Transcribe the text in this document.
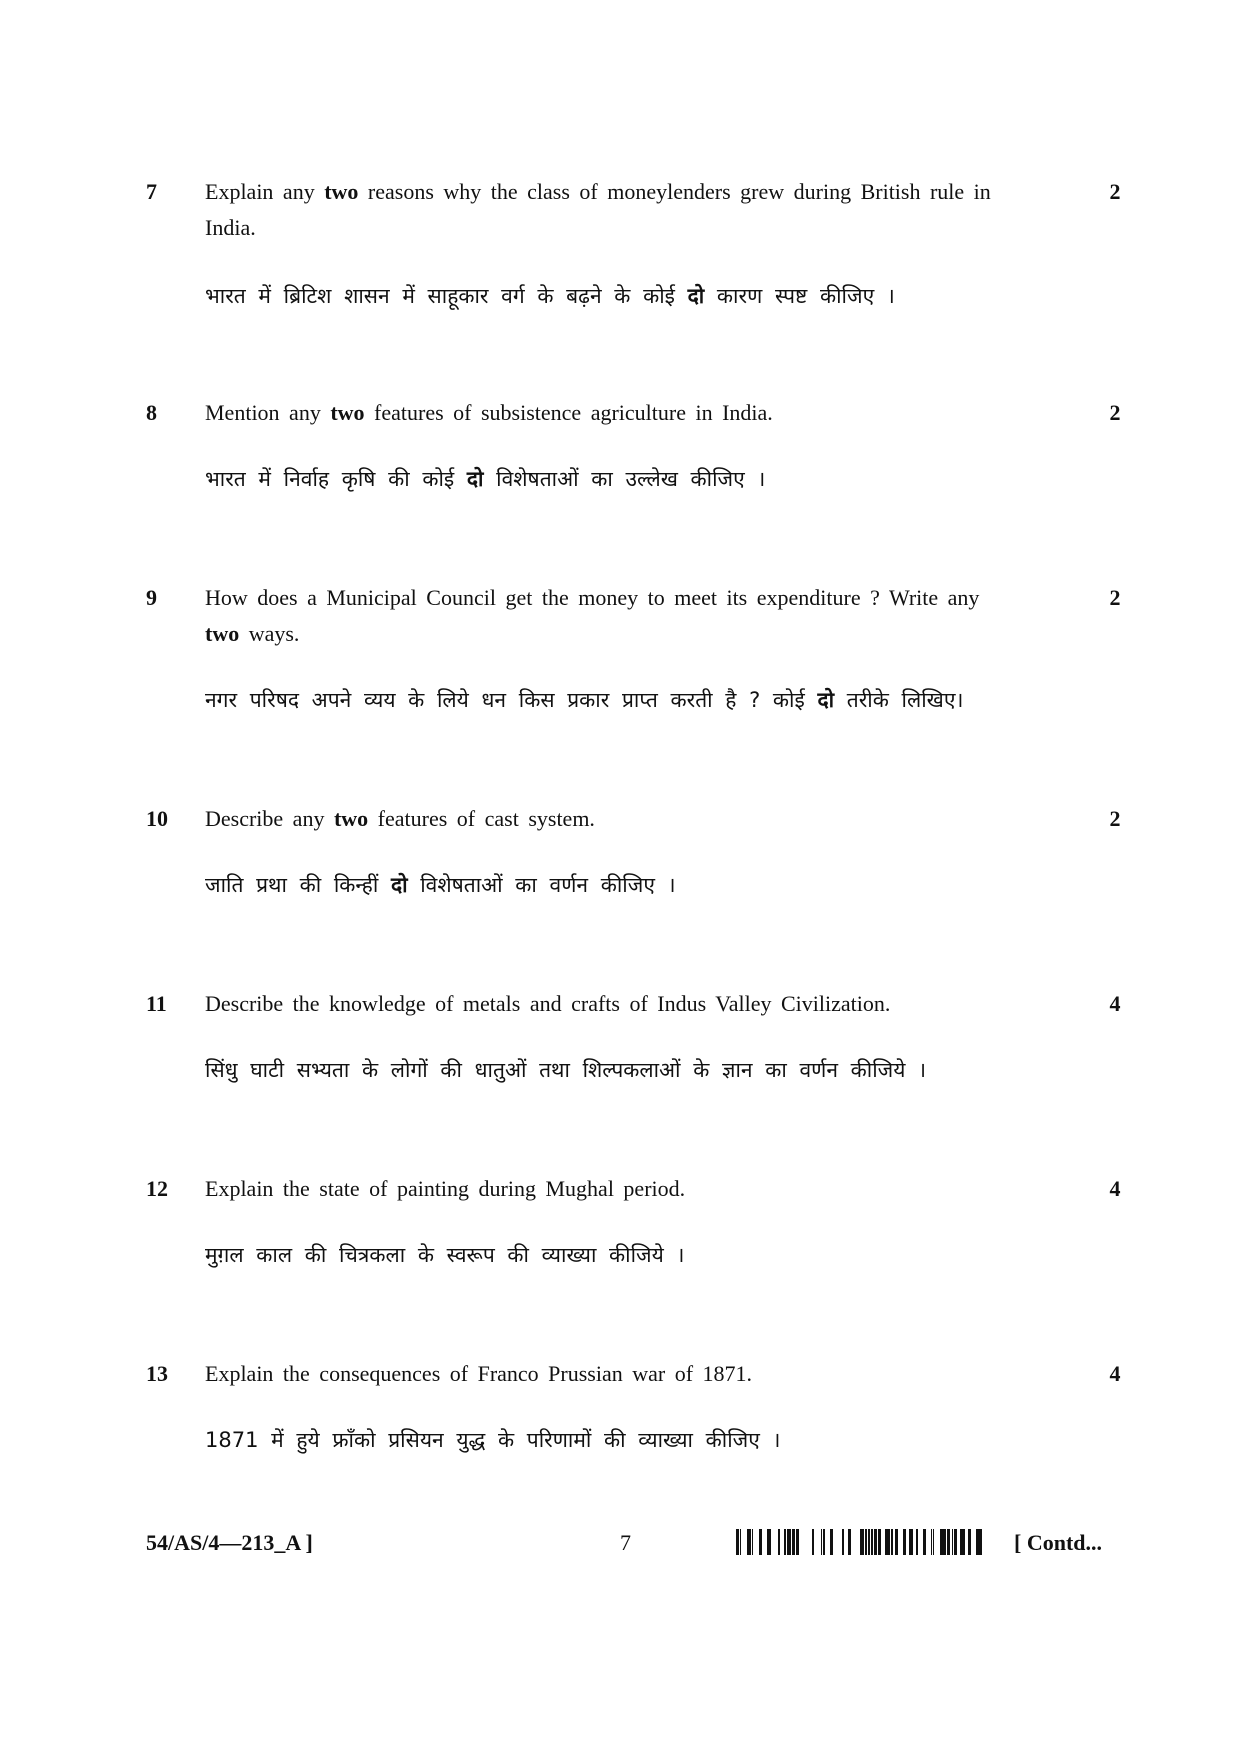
7 Explain any two reasons why the class of moneylenders grew during British rule in India.
2
भारत में ब्रिटिश शासन में साहूकार वर्ग के बढ़ने के कोई दो कारण स्पष्ट कीजिए ।
8 Mention any two features of subsistence agriculture in India.	2
भारत में निर्वाह कृषि की कोई दो विशेषताओं का उल्लेख कीजिए ।
9 How does a Municipal Council get the money to meet its expenditure ? Write any two ways.
2
नगर परिषद अपने व्यय के लिये धन किस प्रकार प्राप्त करती है ? कोई दो तरीके लिखिए।
10 Describe any two features of cast system.	2
जाति प्रथा की किन्हीं दो विशेषताओं का वर्णन कीजिए ।
11 Describe the knowledge of metals and crafts of Indus Valley Civilization.	4
सिंधु घाटी सभ्यता के लोगों की धातुओं तथा शिल्पकलाओं के ज्ञान का वर्णन कीजिये ।
12 Explain the state of painting during Mughal period.	4
मुग़ल काल की चित्रकला के स्वरूप की व्याख्या कीजिये ।
13 Explain the consequences of Franco Prussian war of 1871.	4
1871 में हुये फ्राँको प्रसियन युद्ध के परिणामों की व्याख्या कीजिए ।
54/AS/4—213_A ]	7	[ Contd...
